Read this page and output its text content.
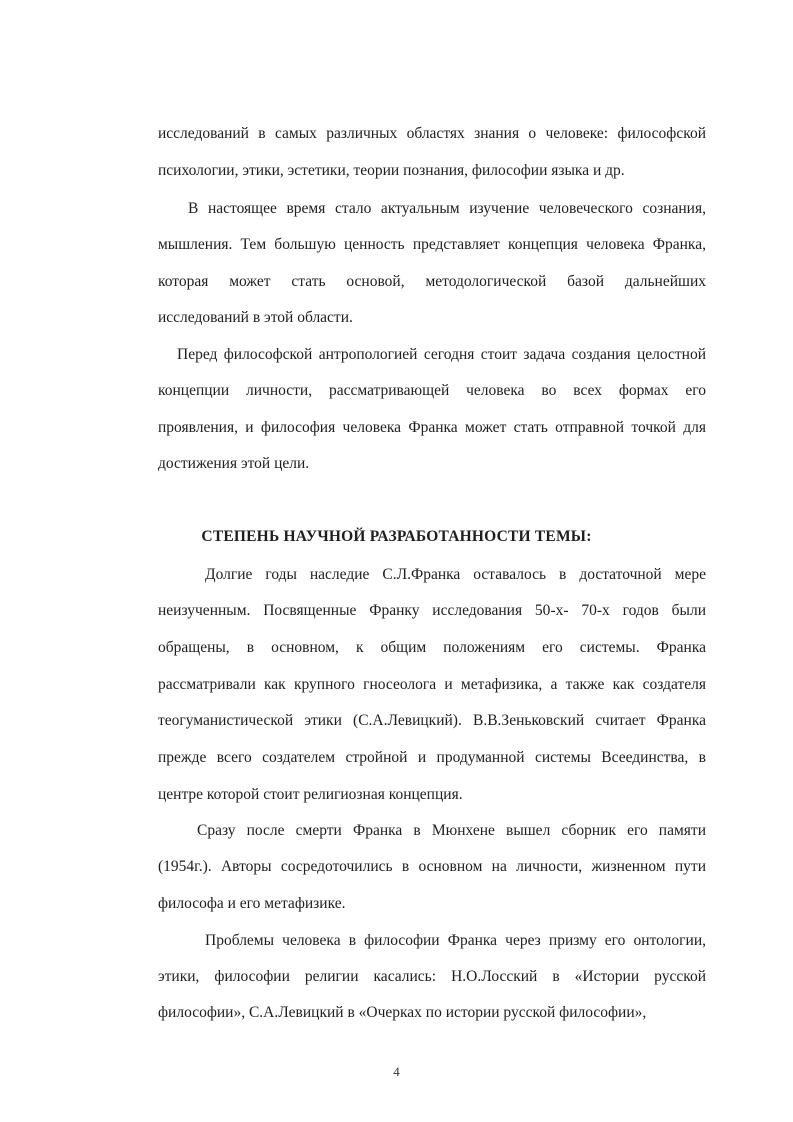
исследований в самых различных областях знания о человеке: философской
психологии, этики, эстетики, теории познания, философии языка и др.
В настоящее время стало актуальным изучение человеческого сознания,
мышления. Тем большую ценность представляет концепция человека Франка,
которая может стать основой, методологической базой дальнейших
исследований в этой области.
Перед философской антропологией сегодня стоит задача создания целостной
концепции личности, рассматривающей человека во всех формах его
проявления, и философия человека Франка может стать отправной точкой для
достижения этой цели.
СТЕПЕНЬ НАУЧНОЙ РАЗРАБОТАННОСТИ ТЕМЫ:
Долгие годы наследие С.Л.Франка оставалось в достаточной мере
неизученным. Посвященные Франку исследования 50-х- 70-х годов были
обращены, в основном, к общим положениям его системы. Франка
рассматривали как крупного гносеолога и метафизика, а также как создателя
теогуманистической этики (С.А.Левицкий). В.В.Зеньковский считает Франка
прежде всего создателем стройной и продуманной системы Всеединства, в
центре которой стоит религиозная концепция.
Сразу после смерти Франка в Мюнхене вышел сборник его памяти
(1954г.). Авторы сосредоточились в основном на личности, жизненном пути
философа и его метафизике.
Проблемы человека в философии Франка через призму его онтологии,
этики, философии религии касались: Н.О.Лосский в «Истории русской
философии», С.А.Левицкий в «Очерках по истории русской философии»,
4
